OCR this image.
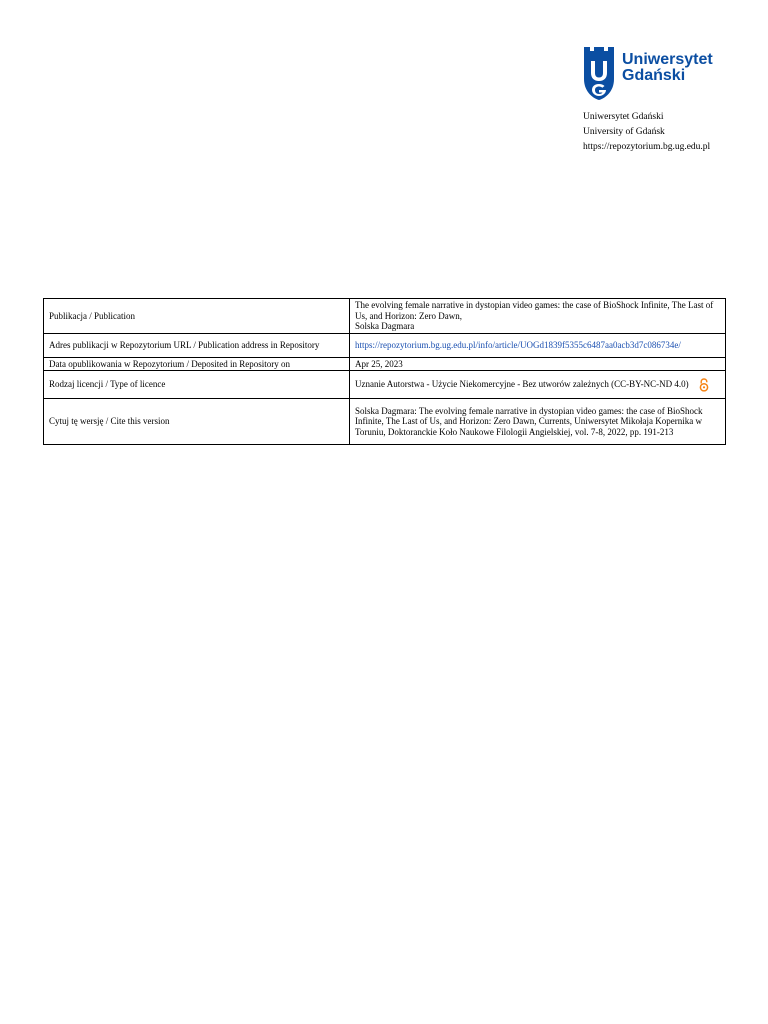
Uniwersytet
Gdański
Uniwersytet Gdański
University of Gdańsk
https://repozytorium.bg.ug.edu.pl
Publikacja / Publication	The evolving female narrative in dystopian video games: the case of BioShock Infinite, The Last of Us, and Horizon: Zero Dawn,
Solska Dagmara
Adres publikacji w Repozytorium URL / Publication address in Repository	https://repozytorium.bg.ug.edu.pl/info/article/UOGd1839f5355c6487aa0acb3d7c086734e/
Data opublikowania w Repozytorium / Deposited in Repository on	Apr 25, 2023
Rodzaj licencji / Type of licence	Uznanie Autorstwa - Użycie Niekomercyjne - Bez utworów zależnych (CC-BY-NC-ND 4.0)
Cytuj tę wersję / Cite this version	Solska Dagmara: The evolving female narrative in dystopian video games: the case of BioShock Infinite, The Last of Us, and Horizon: Zero Dawn, Currents, Uniwersytet Mikołaja Kopernika w Toruniu, Doktoranckie Koło Naukowe Filologii Angielskiej, vol. 7-8, 2022, pp. 191-213
